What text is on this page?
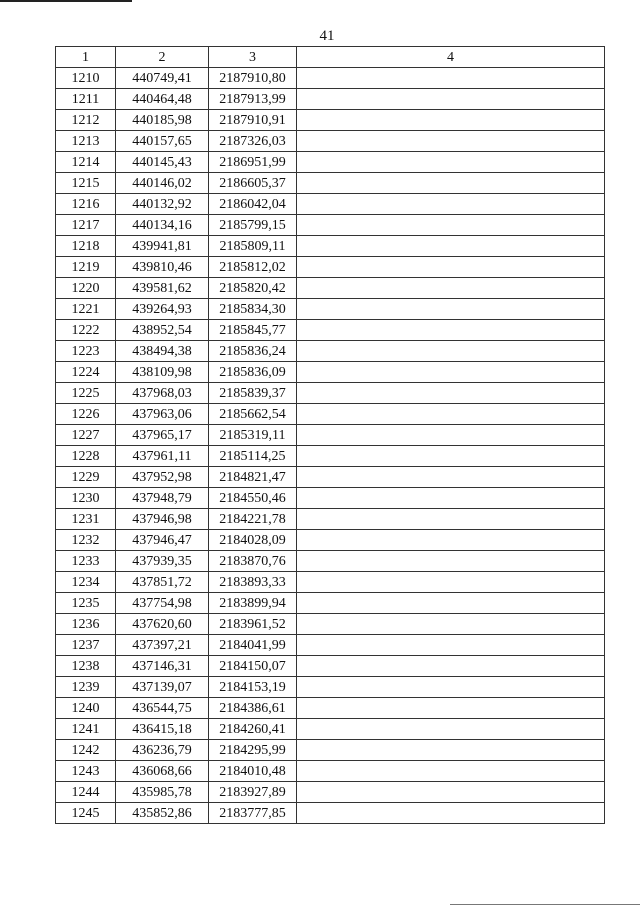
41
1	2	3	4
1210	440749,41	2187910,80	
1211	440464,48	2187913,99	
1212	440185,98	2187910,91	
1213	440157,65	2187326,03	
1214	440145,43	2186951,99	
1215	440146,02	2186605,37	
1216	440132,92	2186042,04	
1217	440134,16	2185799,15	
1218	439941,81	2185809,11	
1219	439810,46	2185812,02	
1220	439581,62	2185820,42	
1221	439264,93	2185834,30	
1222	438952,54	2185845,77	
1223	438494,38	2185836,24	
1224	438109,98	2185836,09	
1225	437968,03	2185839,37	
1226	437963,06	2185662,54	
1227	437965,17	2185319,11	
1228	437961,11	2185114,25	
1229	437952,98	2184821,47	
1230	437948,79	2184550,46	
1231	437946,98	2184221,78	
1232	437946,47	2184028,09	
1233	437939,35	2183870,76	
1234	437851,72	2183893,33	
1235	437754,98	2183899,94	
1236	437620,60	2183961,52	
1237	437397,21	2184041,99	
1238	437146,31	2184150,07	
1239	437139,07	2184153,19	
1240	436544,75	2184386,61	
1241	436415,18	2184260,41	
1242	436236,79	2184295,99	
1243	436068,66	2184010,48	
1244	435985,78	2183927,89	
1245	435852,86	2183777,85	
